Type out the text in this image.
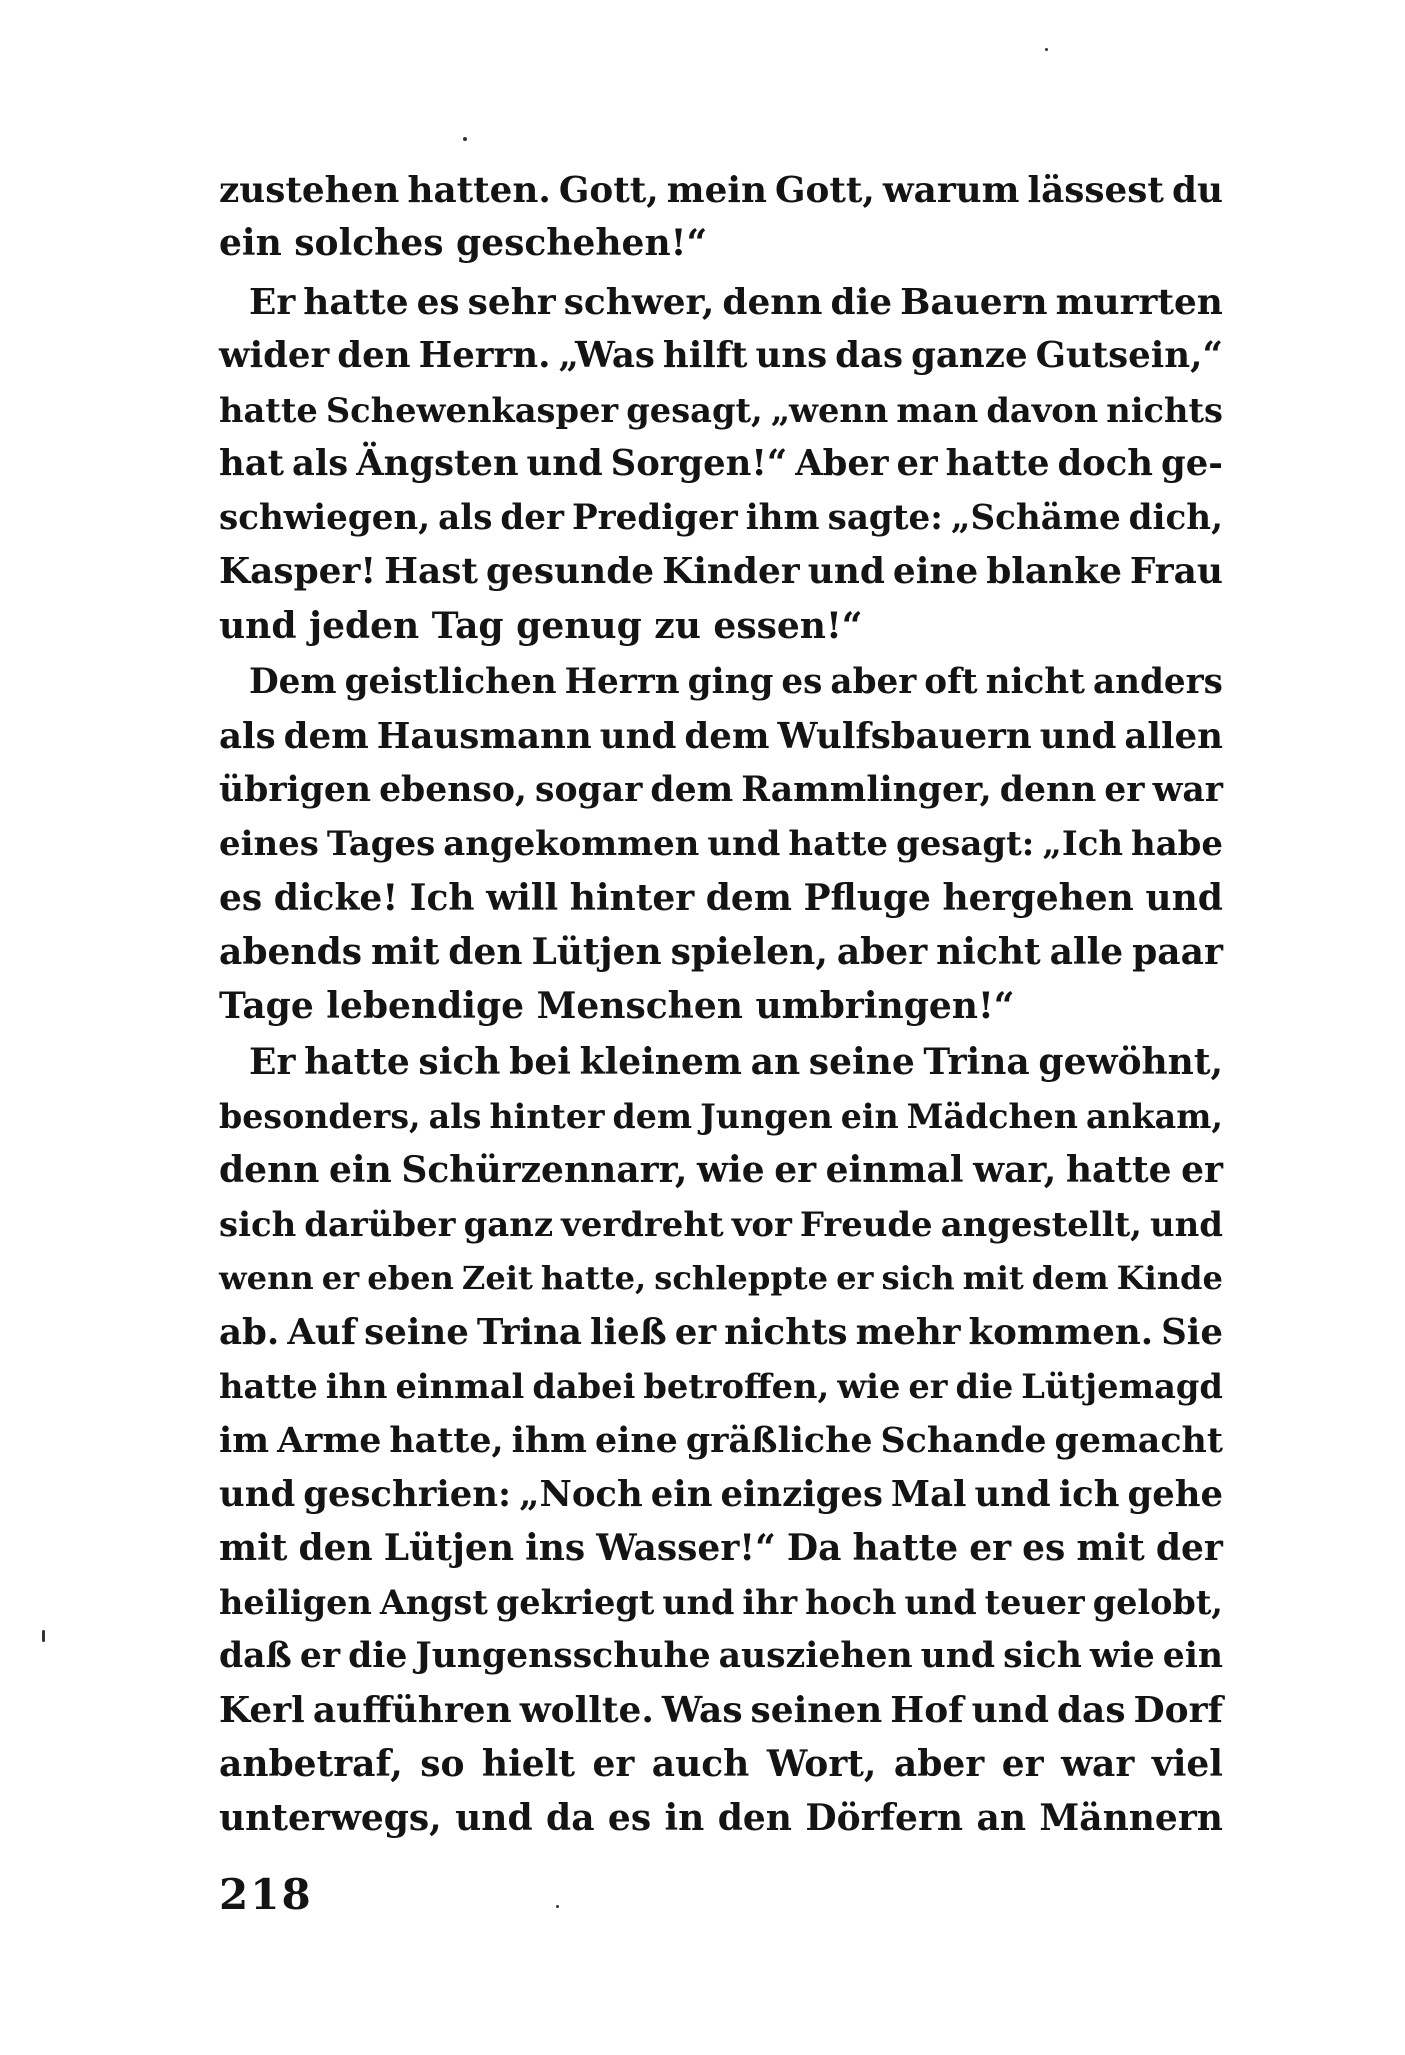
zustehen hatten. Gott, mein Gott, warum lässest du
ein solches geschehen!“
Er hatte es sehr schwer, denn die Bauern murrten
wider den Herrn. „Was hilft uns das ganze Gutsein,“
hatte Schewenkasper gesagt, „wenn man davon nichts
hat als Ängsten und Sorgen!“ Aber er hatte doch ge-
schwiegen, als der Prediger ihm sagte: „Schäme dich,
Kasper! Hast gesunde Kinder und eine blanke Frau
und jeden Tag genug zu essen!“
Dem geistlichen Herrn ging es aber oft nicht anders
als dem Hausmann und dem Wulfsbauern und allen
übrigen ebenso, sogar dem Rammlinger, denn er war
eines Tages angekommen und hatte gesagt: „Ich habe
es dicke! Ich will hinter dem Pfluge hergehen und
abends mit den Lütjen spielen, aber nicht alle paar
Tage lebendige Menschen umbringen!“
Er hatte sich bei kleinem an seine Trina gewöhnt,
besonders, als hinter dem Jungen ein Mädchen ankam,
denn ein Schürzennarr, wie er einmal war, hatte er
sich darüber ganz verdreht vor Freude angestellt, und
wenn er eben Zeit hatte, schleppte er sich mit dem Kinde
ab. Auf seine Trina ließ er nichts mehr kommen. Sie
hatte ihn einmal dabei betroffen, wie er die Lütjemagd
im Arme hatte, ihm eine gräßliche Schande gemacht
und geschrien: „Noch ein einziges Mal und ich gehe
mit den Lütjen ins Wasser!“ Da hatte er es mit der
heiligen Angst gekriegt und ihr hoch und teuer gelobt,
daß er die Jungensschuhe ausziehen und sich wie ein
Kerl aufführen wollte. Was seinen Hof und das Dorf
anbetraf, so hielt er auch Wort, aber er war viel
unterwegs, und da es in den Dörfern an Männern
218
